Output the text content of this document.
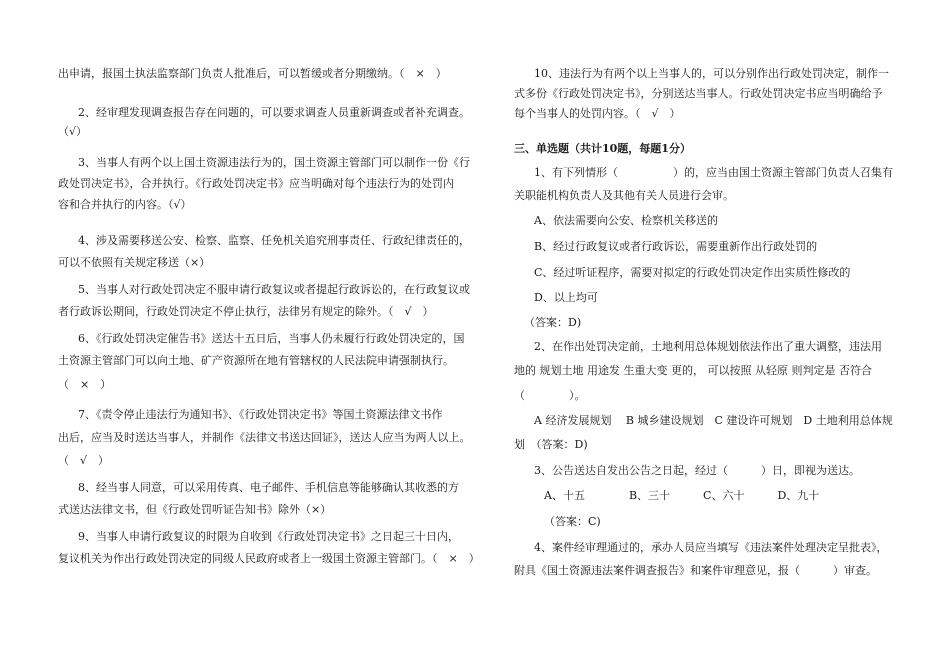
出申请，报国土执法监察部门负责人批准后，可以暂缓或者分期缴纳。（　×　）
2、经审理发现调查报告存在问题的，可以要求调查人员重新调查或者补充调查。
（√）
3、当事人有两个以上国土资源违法行为的，国土资源主管部门可以制作一份《行
政处罚决定书》，合并执行。《行政处罚决定书》应当明确对每个违法行为的处罚内
容和合并执行的内容。（√）
4、涉及需要移送公安、检察、监察、任免机关追究刑事责任、行政纪律责任的，
可以不依照有关规定移送（×）
5、当事人对行政处罚决定不服申请行政复议或者提起行政诉讼的，在行政复议或
者行政诉讼期间，行政处罚决定不停止执行，法律另有规定的除外。（　√　）
6、《行政处罚决定催告书》送达十五日后，当事人仍未履行行政处罚决定的，国
土资源主管部门可以向土地、矿产资源所在地有管辖权的人民法院申请强制执行。
（　×　）
7、《责令停止违法行为通知书》、《行政处罚决定书》等国土资源法律文书作
出后，应当及时送达当事人，并制作《法律文书送达回证》，送达人应当为两人以上。
（　√　）
8、经当事人同意，可以采用传真、电子邮件、手机信息等能够确认其收悉的方
式送达法律文书，但《行政处罚听证告知书》除外（×）
9、当事人申请行政复议的时限为自收到《行政处罚决定书》之日起三十日内，
复议机关为作出行政处罚决定的同级人民政府或者上一级国土资源主管部门。（　×　）
10、违法行为有两个以上当事人的，可以分别作出行政处罚决定，制作一
式多份《行政处罚决定书》，分别送达当事人。行政处罚决定书应当明确给予
每个当事人的处罚内容。（　√　）
三、单选题（共计10题，每题1分）
1、有下列情形（　　　　　）的，应当由国土资源主管部门负责人召集有
关职能机构负责人及其他有关人员进行会审。
A、依法需要向公安、检察机关移送的
B、经过行政复议或者行政诉讼，需要重新作出行政处罚的
C、经过听证程序，需要对拟定的行政处罚决定作出实质性修改的
D、以上均可
（答案：D)
2、在作出处罚决定前，土地利用总体规划依法作出了重大调整，违法用
地的 规划土地 用途发 生重大变 更的， 可以按照 从轻原 则判定是 否符合
（　　　　）。
A 经济发展规划　 B 城乡建设规划　C 建设许可规划　D 土地利用总体规
划　（答案：D)
3、公告送达自发出公告之日起，经过（　　　）日，即视为送达。
A、十五　　　　B、三十　　　C、六十　　　D、九十
（答案：C)
4、案件经审理通过的，承办人员应当填写《违法案件处理决定呈批表》，
附具《国土资源违法案件调查报告》和案件审理意见，报（　　　）审查。
